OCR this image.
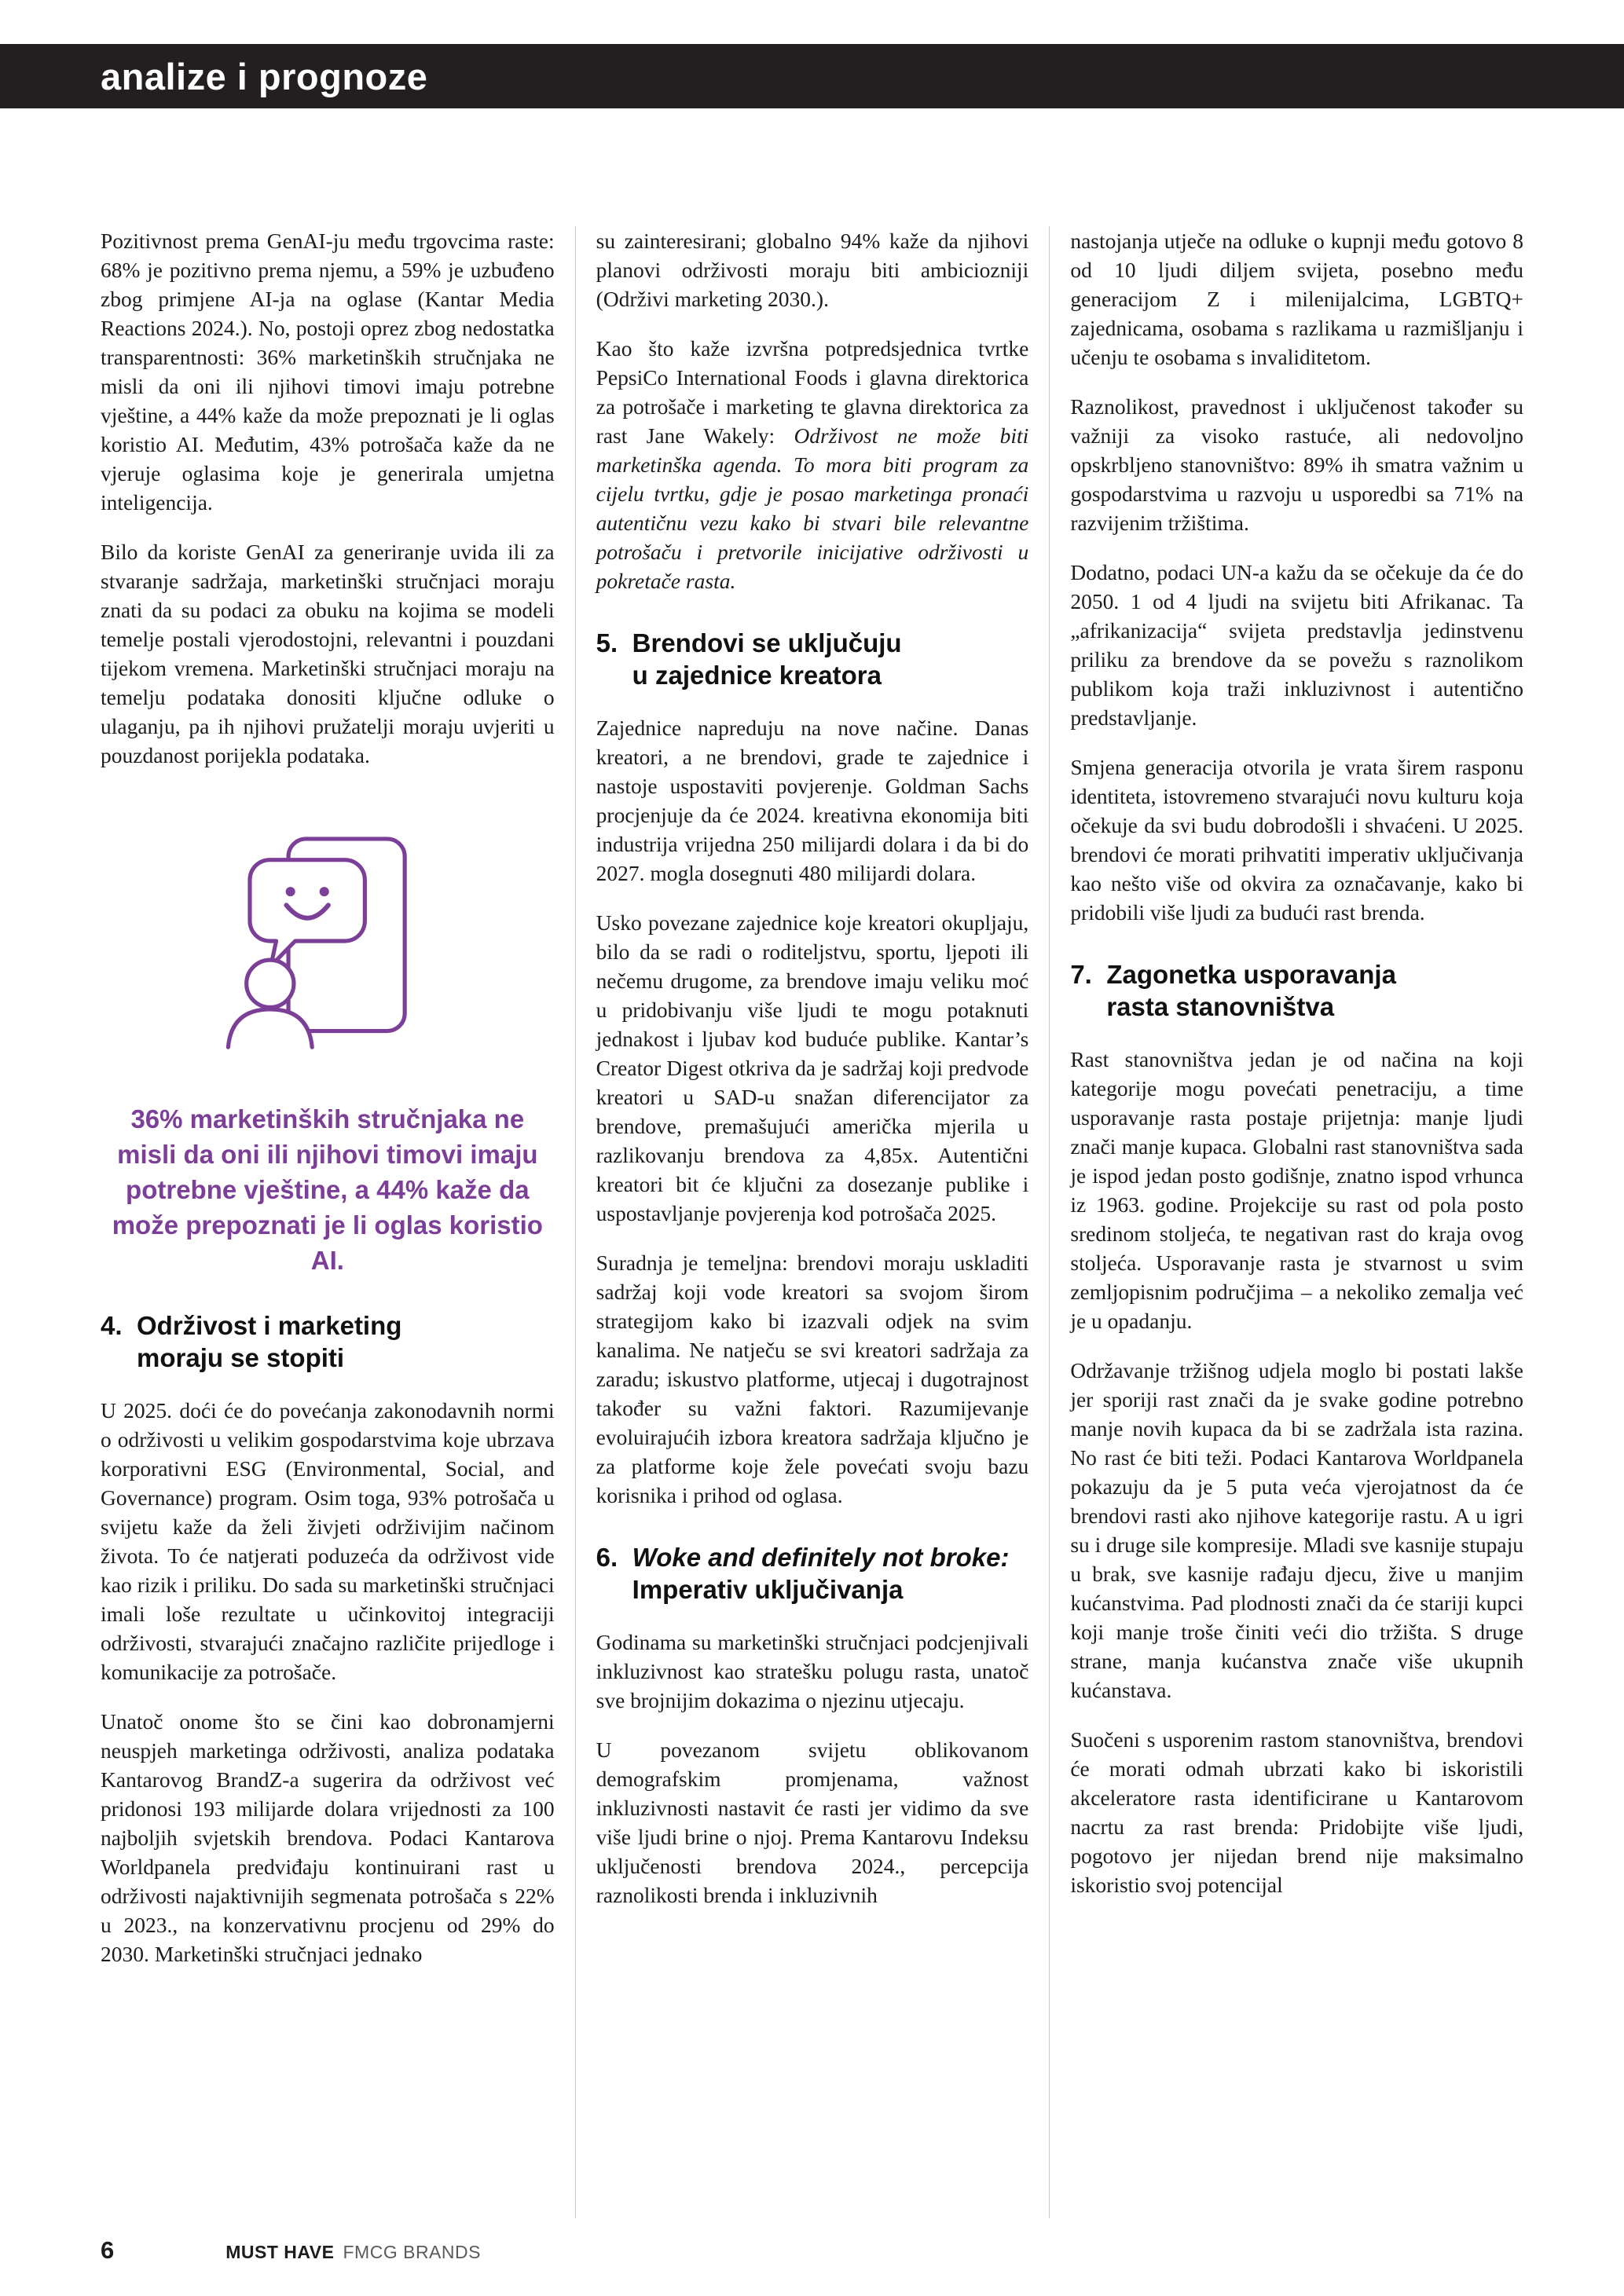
analize i prognoze

Pozitivnost prema GenAI-ju među trgovcima raste: 68% je pozitivno prema njemu, a 59% je uzbuđeno zbog primjene AI-ja na oglase (Kantar Media Reactions 2024.). No, postoji oprez zbog nedostatka transparentnosti: 36% marketinških stručnjaka ne misli da oni ili njihovi timovi imaju potrebne vještine, a 44% kaže da može prepoznati je li oglas koristio AI. Međutim, 43% potrošača kaže da ne vjeruje oglasima koje je generirala umjetna inteligencija.

Bilo da koriste GenAI za generiranje uvida ili za stvaranje sadržaja, marketinški stručnjaci moraju znati da su podaci za obuku na kojima se modeli temelje postali vjerodostojni, relevantni i pouzdani tijekom vremena. Marketinški stručnjaci moraju na temelju podataka donositi ključne odluke o ulaganju, pa ih njihovi pružatelji moraju uvjeriti u pouzdanost porijekla podataka.

36% marketinških stručnjaka ne misli da oni ili njihovi timovi imaju potrebne vještine, a 44% kaže da može prepoznati je li oglas koristio AI.
4. Održivost i marketing
moraju se stopiti

U 2025. doći će do povećanja zakonodavnih normi o održivosti u velikim gospodarstvima koje ubrzava korporativni ESG (Environmental, Social, and Governance) program. Osim toga, 93% potrošača u svijetu kaže da želi živjeti održivijim načinom života. To će natjerati poduzeća da održivost vide kao rizik i priliku. Do sada su marketinški stručnjaci imali loše rezultate u učinkovitoj integraciji održivosti, stvarajući značajno različite prijedloge i komunikacije za potrošače.

Unatoč onome što se čini kao dobronamjerni neuspjeh marketinga održivosti, analiza podataka Kantarovog BrandZ-a sugerira da održivost već pridonosi 193 milijarde dolara vrijednosti za 100 najboljih svjetskih brendova. Podaci Kantarova Worldpanela predviđaju kontinuirani rast u održivosti najaktivnijih segmenata potrošača s 22% u 2023., na konzervativnu procjenu od 29% do 2030. Marketinški stručnjaci jednako

su zainteresirani; globalno 94% kaže da njihovi planovi održivosti moraju biti ambiciozniji (Održivi marketing 2030.).

Kao što kaže izvršna potpredsjednica tvrtke PepsiCo International Foods i glavna direktorica za potrošače i marketing te glavna direktorica za rast Jane Wakely: Održivost ne može biti marketinška agenda. To mora biti program za cijelu tvrtku, gdje je posao marketinga pronaći autentičnu vezu kako bi stvari bile relevantne potrošaču i pretvorile inicijative održivosti u pokretače rasta.

5. Brendovi se uključuju
u zajednice kreatora

Zajednice napreduju na nove načine. Danas kreatori, a ne brendovi, grade te zajednice i nastoje uspostaviti povjerenje. Goldman Sachs procjenjuje da će 2024. kreativna ekonomija biti industrija vrijedna 250 milijardi dolara i da bi do 2027. mogla dosegnuti 480 milijardi dolara.

Usko povezane zajednice koje kreatori okupljaju, bilo da se radi o roditeljstvu, sportu, ljepoti ili nečemu drugome, za brendove imaju veliku moć u pridobivanju više ljudi te mogu potaknuti jednakost i ljubav kod buduće publike. Kantar’s Creator Digest otkriva da je sadržaj koji predvode kreatori u SAD-u snažan diferencijator za brendove, premašujući američka mjerila u razlikovanju brendova za 4,85x. Autentični kreatori bit će ključni za dosezanje publike i uspostavljanje povjerenja kod potrošača 2025.

Suradnja je temeljna: brendovi moraju uskladiti sadržaj koji vode kreatori sa svojom širom strategijom kako bi izazvali odjek na svim kanalima. Ne natječu se svi kreatori sadržaja za zaradu; iskustvo platforme, utjecaj i dugotrajnost također su važni faktori. Razumijevanje evoluirajućih izbora kreatora sadržaja ključno je za platforme koje žele povećati svoju bazu korisnika i prihod od oglasa.

6. Woke and definitely not broke:
Imperativ uključivanja

Godinama su marketinški stručnjaci podcjenjivali inkluzivnost kao stratešku polugu rasta, unatoč sve brojnijim dokazima o njezinu utjecaju.

U povezanom svijetu oblikovanom demografskim promjenama, važnost inkluzivnosti nastavit će rasti jer vidimo da sve više ljudi brine o njoj. Prema Kantarovu Indeksu uključenosti brendova 2024., percepcija raznolikosti brenda i inkluzivnih

nastojanja utječe na odluke o kupnji među gotovo 8 od 10 ljudi diljem svijeta, posebno među generacijom Z i milenijalcima, LGBTQ+ zajednicama, osobama s razlikama u razmišljanju i učenju te osobama s invaliditetom.

Raznolikost, pravednost i uključenost također su važniji za visoko rastuće, ali nedovoljno opskrbljeno stanovništvo: 89% ih smatra važnim u gospodarstvima u razvoju u usporedbi sa 71% na razvijenim tržištima.

Dodatno, podaci UN-a kažu da se očekuje da će do 2050. 1 od 4 ljudi na svijetu biti Afrikanac. Ta „afrikanizacija“ svijeta predstavlja jedinstvenu priliku za brendove da se povežu s raznolikom publikom koja traži inkluzivnost i autentično predstavljanje.

Smjena generacija otvorila je vrata širem rasponu identiteta, istovremeno stvarajući novu kulturu koja očekuje da svi budu dobrodošli i shvaćeni. U 2025. brendovi će morati prihvatiti imperativ uključivanja kao nešto više od okvira za označavanje, kako bi pridobili više ljudi za budući rast brenda.

7. Zagonetka usporavanja
rasta stanovništva

Rast stanovništva jedan je od načina na koji kategorije mogu povećati penetraciju, a time usporavanje rasta postaje prijetnja: manje ljudi znači manje kupaca. Globalni rast stanovništva sada je ispod jedan posto godišnje, znatno ispod vrhunca iz 1963. godine. Projekcije su rast od pola posto sredinom stoljeća, te negativan rast do kraja ovog stoljeća. Usporavanje rasta je stvarnost u svim zemljopisnim područjima – a nekoliko zemalja već je u opadanju.

Održavanje tržišnog udjela moglo bi postati lakše jer sporiji rast znači da je svake godine potrebno manje novih kupaca da bi se zadržala ista razina. No rast će biti teži. Podaci Kantarova Worldpanela pokazuju da je 5 puta veća vjerojatnost da će brendovi rasti ako njihove kategorije rastu. A u igri su i druge sile kompresije. Mladi sve kasnije stupaju u brak, sve kasnije rađaju djecu, žive u manjim kućanstvima. Pad plodnosti znači da će stariji kupci koji manje troše činiti veći dio tržišta. S druge strane, manja kućanstva znače više ukupnih kućanstava.

Suočeni s usporenim rastom stanovništva, brendovi će morati odmah ubrzati kako bi iskoristili akceleratore rasta identificirane u Kantarovom nacrtu za rast brenda: Pridobijte više ljudi, pogotovo jer nijedan brend nije maksimalno iskoristio svoj potencijal

6	MUST HAVE FMCG BRANDS
